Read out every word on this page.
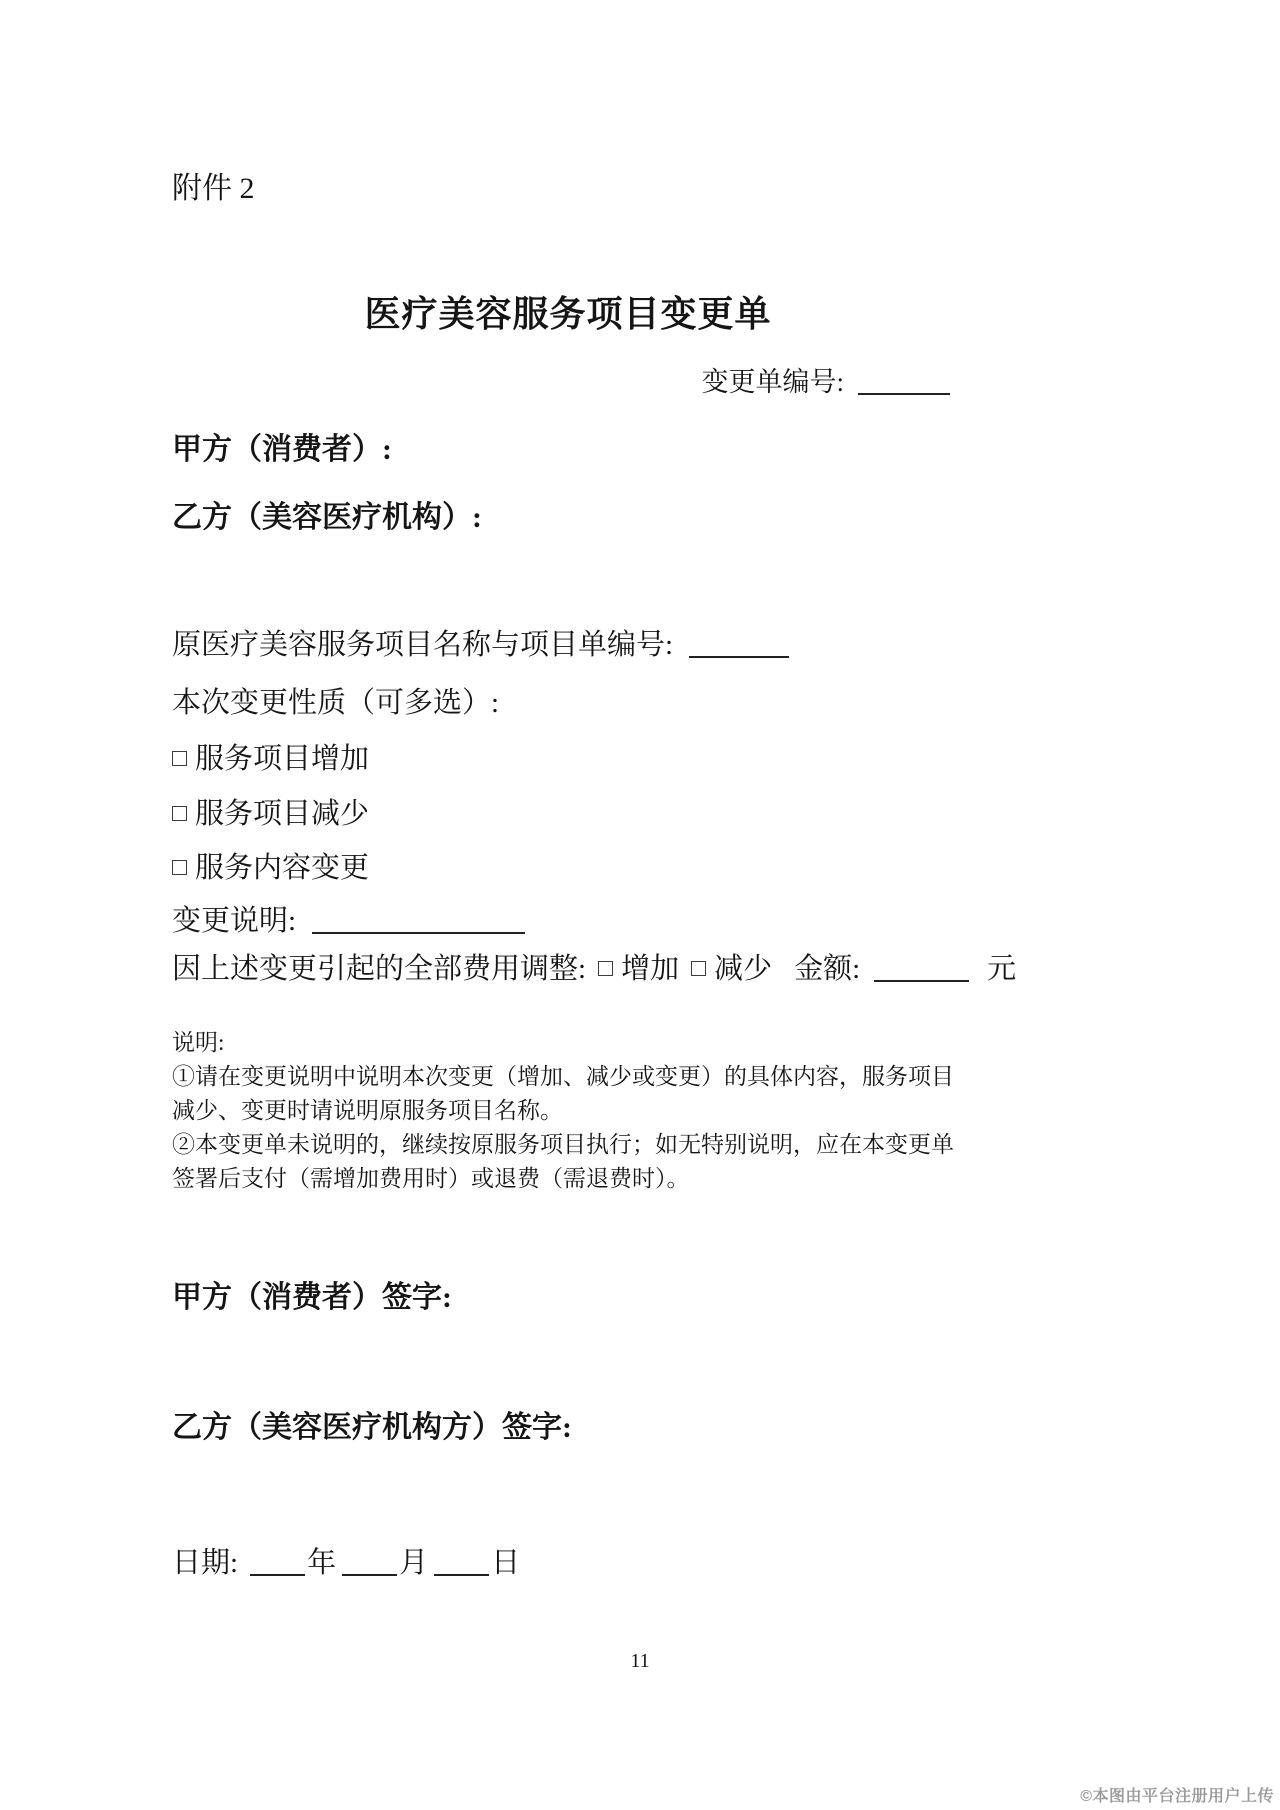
附件 2
医疗美容服务项目变更单
变更单编号:
甲方（消费者）:
乙方（美容医疗机构）:
原医疗美容服务项目名称与项目单编号:
本次变更性质（可多选）:
服务项目增加
服务项目减少
服务内容变更
变更说明:
因上述变更引起的全部费用调整: 增加 减少 金额:	元

说明:

①请在变更说明中说明本次变更（增加、减少或变更）的具体内容，服务项目减少、变更时请说明原服务项目名称。

②本变更单未说明的，继续按原服务项目执行；如无特别说明，应在本变更单签署后支付（需增加费用时）或退费（需退费时）。

甲方（消费者）签字:
乙方（美容医疗机构方）签字:
日期: 年 月 日
11
©本图由平台注册用户上传
